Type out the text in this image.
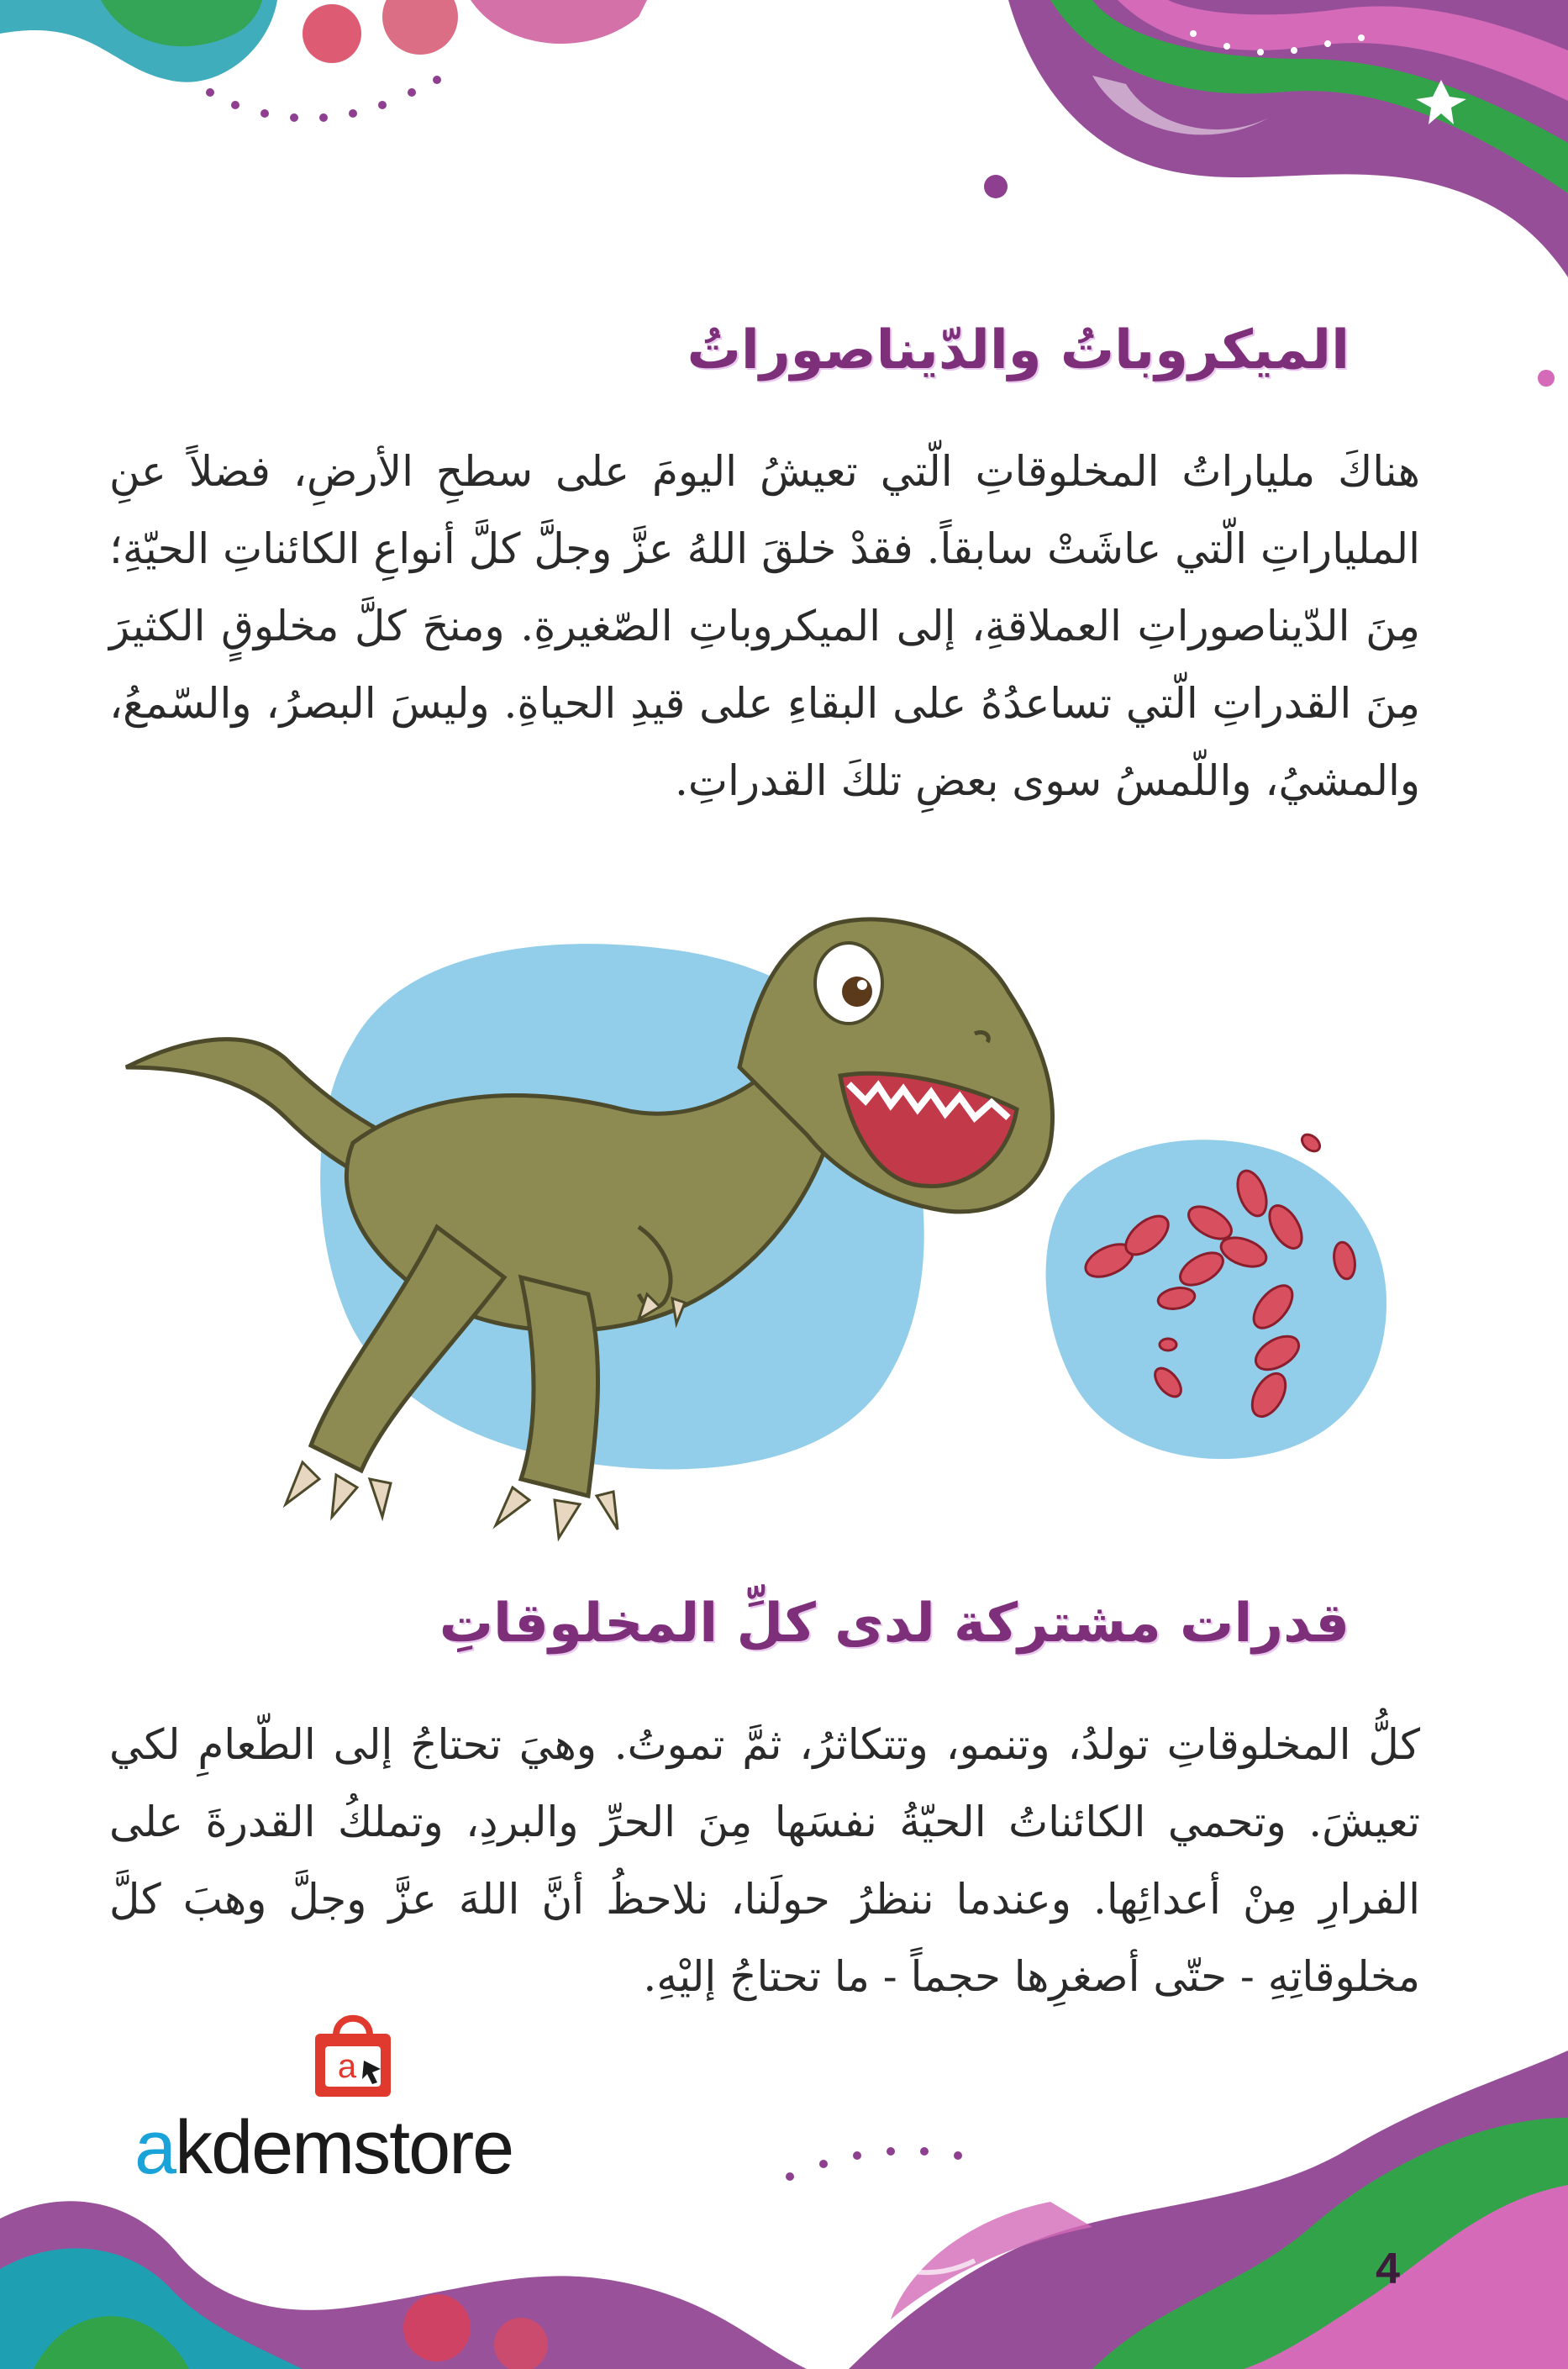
الميكروباتُ والدّيناصوراتُ
هناكَ ملياراتُ المخلوقاتِ الّتي تعيشُ اليومَ على سطحِ الأرضِ، فضلاً عنِ الملياراتِ الّتي عاشَتْ سابقاً. فقدْ خلقَ اللهُ عزَّ وجلَّ كلَّ أنواعِ الكائناتِ الحيّةِ؛ مِنَ الدّيناصوراتِ العملاقةِ، إلى الميكروباتِ الصّغيرةِ. ومنحَ كلَّ مخلوقٍ الكثيرَ مِنَ القدراتِ الّتي تساعدُهُ على البقاءِ على قيدِ الحياةِ. وليسَ البصرُ، والسّمعُ، والمشيُ، واللّمسُ سوى بعضِ تلكَ القدراتِ.
قدرات مشتركة لدى كلِّ المخلوقاتِ
كلُّ المخلوقاتِ تولدُ، وتنمو، وتتكاثرُ، ثمَّ تموتُ. وهيَ تحتاجُ إلى الطّعامِ لكي تعيشَ. وتحمي الكائناتُ الحيّةُ نفسَها مِنَ الحرِّ والبردِ، وتملكُ القدرةَ على الفرارِ مِنْ أعدائِها. وعندما ننظرُ حولَنا، نلاحظُ أنَّ اللهَ عزَّ وجلَّ وهبَ كلَّ مخلوقاتِهِ - حتّى أصغرِها حجماً - ما تحتاجُ إليْهِ.
a
akdemstore
4
